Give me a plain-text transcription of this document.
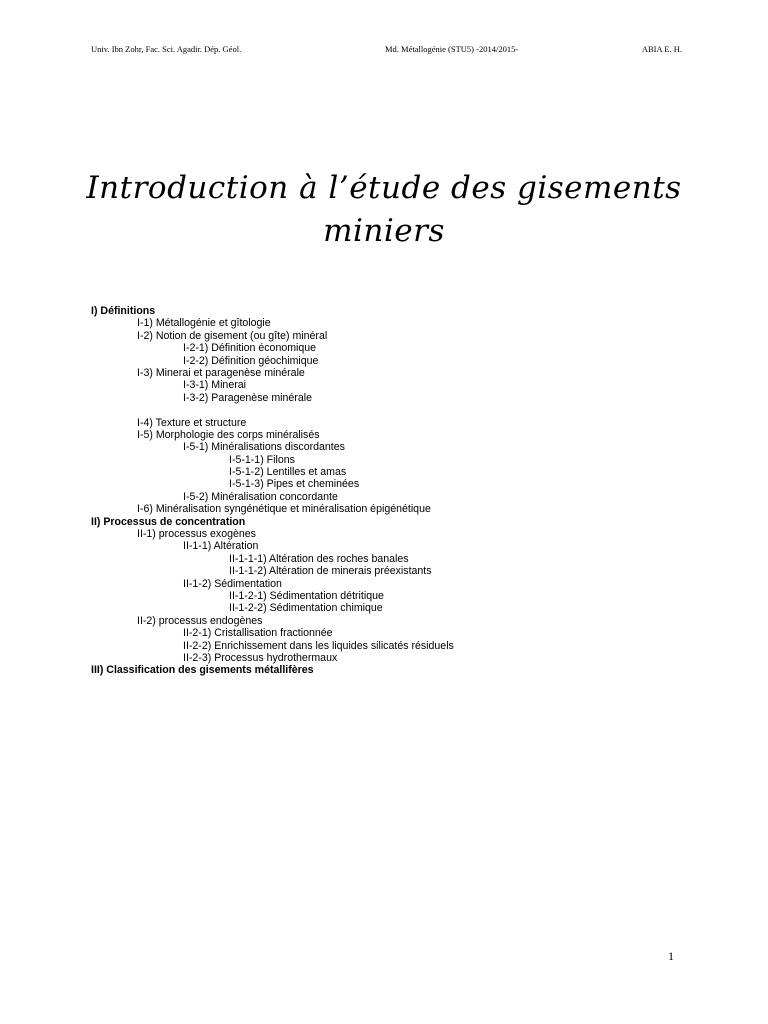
Univ. Ibn Zohr, Fac. Sci. Agadir. Dép. Géol.	Md. Métallogénie (STU5) -2014/2015-	ABIA E. H.
Introduction à l’étude des gisements
miniers
I) Définitions
I-1) Métallogénie et gîtologie
I-2) Notion de gisement (ou gîte) minéral
I-2-1) Définition économique
I-2-2) Définition géochimique
I-3) Minerai et paragenèse minérale
I-3-1) Minerai
I-3-2) Paragenèse minérale
I-4) Texture et structure
I-5) Morphologie des corps minéralisés
I-5-1) Minéralisations discordantes
I-5-1-1) Filons
I-5-1-2) Lentilles et amas
I-5-1-3) Pipes et cheminées
I-5-2) Minéralisation concordante
I-6) Minéralisation syngénétique et minéralisation épigénétique
II) Processus de concentration
II-1) processus exogènes
II-1-1) Altération
II-1-1-1) Altération des roches banales
II-1-1-2) Altération de minerais préexistants
II-1-2) Sédimentation
II-1-2-1) Sédimentation détritique
II-1-2-2) Sédimentation chimique
II-2) processus endogènes
II-2-1) Cristallisation fractionnée
II-2-2) Enrichissement dans les liquides silicatés résiduels
II-2-3) Processus hydrothermaux
III) Classification des gisements métallifères
1
